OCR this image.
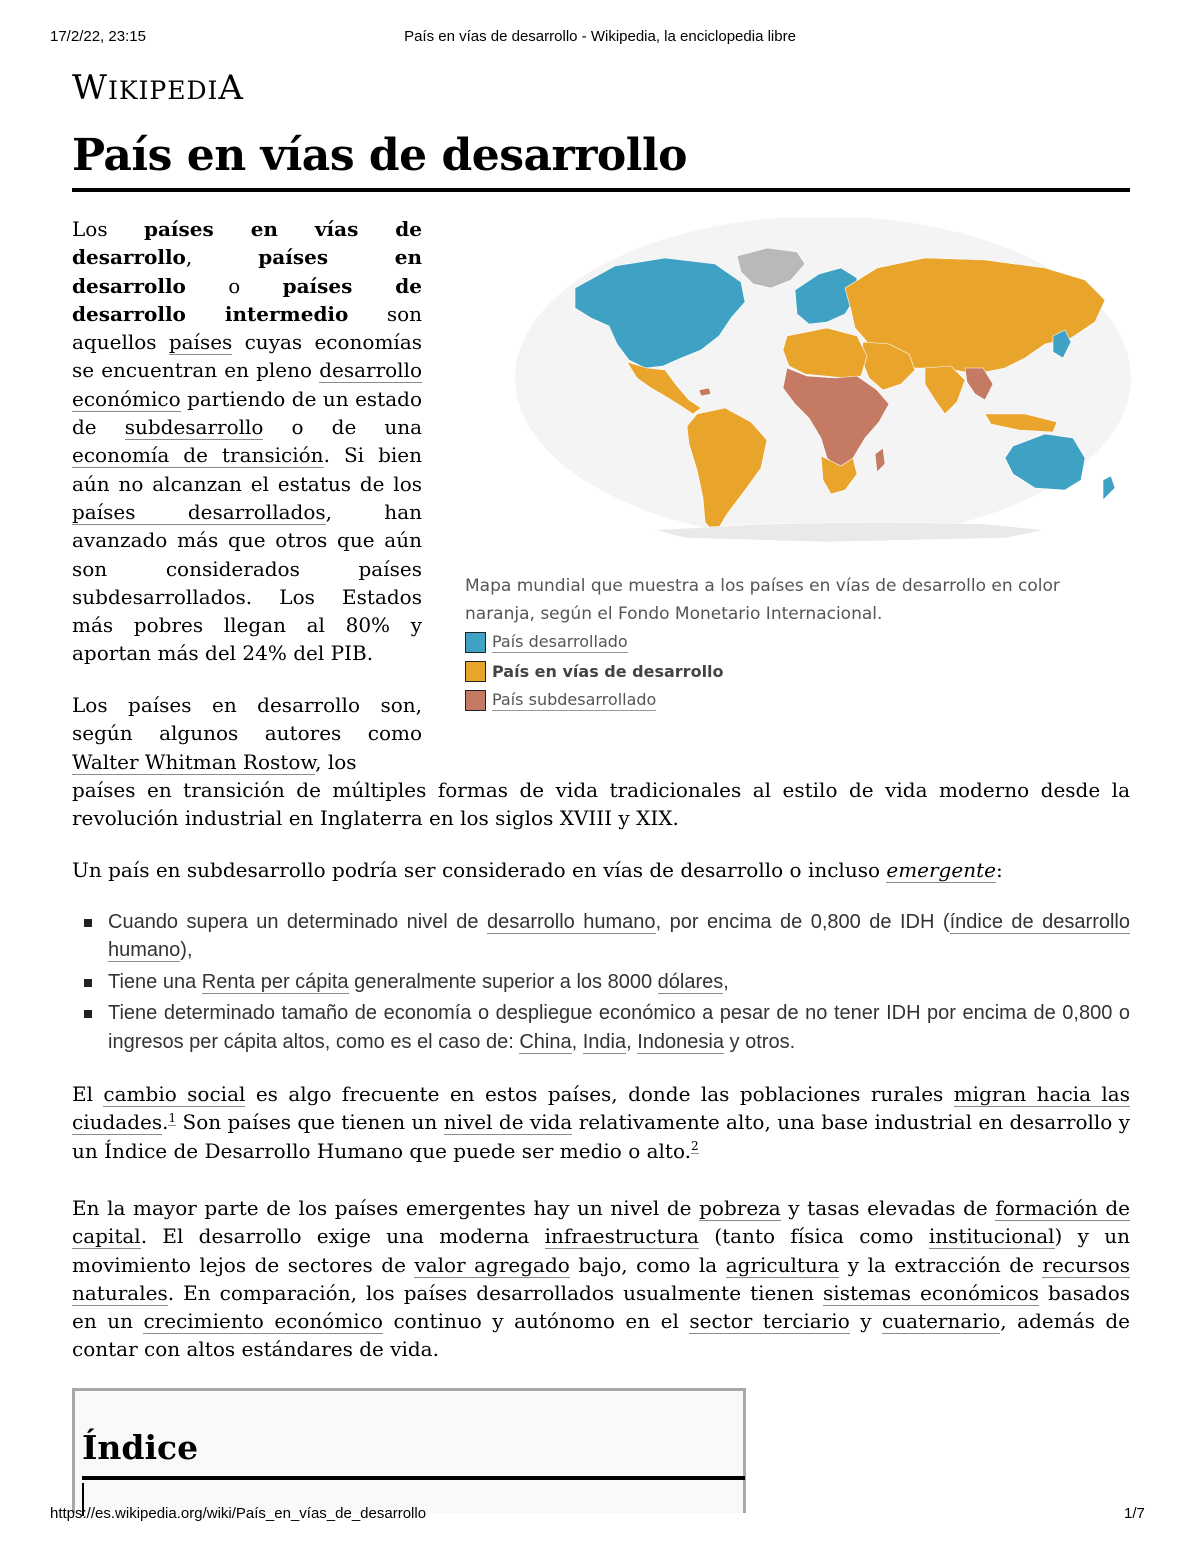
17/2/22, 23:15	País en vías de desarrollo - Wikipedia, la enciclopedia libre
WIKIPEDIA
País en vías de desarrollo

Los países en vías de desarrollo,	países en desarrollo o países de desarrollo intermedio son aquellos países cuyas economías se encuentran en pleno desarrollo económico partiendo de un estado de subdesarrollo o de una economía de transición. Si bien aún no alcanzan el estatus de los países desarrollados, han avanzado más que otros que aún son considerados países subdesarrollados. Los Estados más pobres llegan al 80% y aportan más del 24% del PIB.

Los países en desarrollo son, según algunos autores como Walter Whitman Rostow, los
países en transición de múltiples formas de vida tradicionales al estilo de vida moderno desde la revolución industrial en Inglaterra en los siglos XVIII y XIX.
Mapa mundial que muestra a los países en vías de desarrollo en color naranja, según el Fondo Monetario Internacional.
País desarrollado
País en vías de desarrollo
País subdesarrollado

Un país en subdesarrollo podría ser considerado en vías de desarrollo o incluso emergente:

Cuando supera un determinado nivel de desarrollo humano, por encima de 0,800 de IDH (índice de desarrollo humano),
Tiene una Renta per cápita generalmente superior a los 8000 dólares,
Tiene determinado tamaño de economía o despliegue económico a pesar de no tener IDH por encima de 0,800 o ingresos per cápita altos, como es el caso de: China, India, Indonesia y otros.

El cambio social es algo frecuente en estos países, donde las poblaciones rurales migran hacia las ciudades.$^1$ Son países que tienen un nivel de vida relativamente alto, una base industrial en desarrollo y un Índice de Desarrollo Humano que puede ser medio o alto.$^2$

En la mayor parte de los países emergentes hay un nivel de pobreza y tasas elevadas de formación de capital. El desarrollo exige una moderna infraestructura (tanto física como institucional) y un movimiento lejos de sectores de valor agregado bajo, como la agricultura y la extracción de recursos naturales. En comparación, los países desarrollados usualmente tienen sistemas económicos basados en un crecimiento económico continuo y autónomo en el sector terciario y cuaternario, además de contar con altos estándares de vida.

Índice
https://es.wikipedia.org/wiki/País_en_vías_de_desarrollo	1/7
